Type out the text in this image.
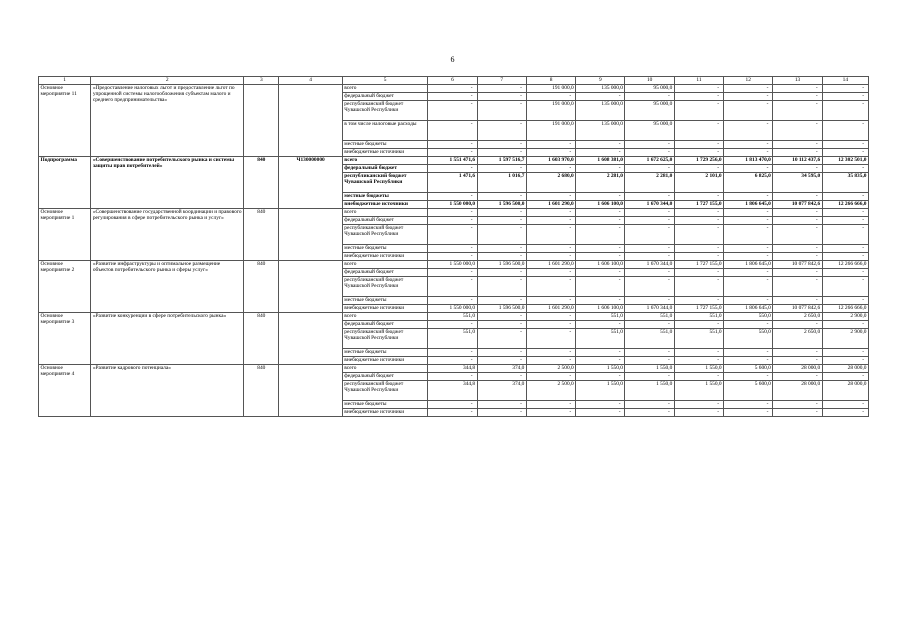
6
1	2	3	4	5	6	7	8	9	10	11	12	13	14
Основное мероприятие 11	«Предоставление налоговых льгот и предоставление льгот по упрощенной системы налогообложения субъектам малого и среднего предпринимательства»			всего	-	-	191 000,0	135 000,0	95 000,0	-	-	-	-
				федеральный бюджет	-	-	-	-	-	-	-	-	-
				республиканский бюджет Чувашской Республики	-	-	191 000,0	135 000,0	95 000,0	-	-	-	-
				в том числе налоговые расходы	-	-	191 000,0	135 000,0	95 000,0	-	-	-	-
				местные бюджеты	-	-	-	-	-	-	-	-	-
				внебюджетные источники	-	-	-	-	-	-	-	-	-
Подпрограмма	«Совершенствование потребительского рынка и системы защиты прав потребителей»	840	Ч130000000	всего	1 551 471,6	1 597 516,7	1 603 970,0	1 608 381,0	1 672 625,0	1 729 256,0	1 813 470,0	10 112 437,6	12 302 501,0
				федеральный бюджет	-	-	-	-	-	-	-	-	-
				республиканский бюджет Чувашской Республики	1 471,6	1 016,7	2 680,0	2 281,0	2 281,0	2 101,0	6 825,0	34 595,0	35 835,0
				местные бюджеты	-	-	-	-	-	-	-	-	-
				внебюджетные источники	1 550 000,0	1 596 500,0	1 601 290,0	1 606 100,0	1 670 344,0	1 727 155,0	1 806 645,0	10 077 842,6	12 266 666,0
Основное мероприятие 1	«Совершенствование государственной координации и правового регулирования в сфере потребительского рынка и услуг»	840		всего	-	-	-	-	-	-	-	-	-
				федеральный бюджет	-	-	-	-	-	-	-	-	-
				республиканский бюджет Чувашской Республики	-	-	-	-	-	-	-	-	-
				местные бюджеты	-	-	-	-	-	-	-	-	-
				внебюджетные источники	-	-	-	-	-	-	-	-	-
Основное мероприятие 2	«Развитие инфраструктуры и оптимальное размещение объектов потребительского рынка и сферы услуг»	840		всего	1 550 000,0	1 596 500,0	1 601 290,0	1 606 100,0	1 670 344,0	1 727 155,0	1 806 645,0	10 077 842,6	12 266 666,0
				федеральный бюджет	-	-	-	-	-	-	-	-	-
				республиканский бюджет Чувашской Республики	-	-	-	-	-	-	-	-	-
				местные бюджеты	-	-	-	-	-	-	-	-	-
				внебюджетные источники	1 550 000,0	1 596 500,0	1 601 290,0	1 606 100,0	1 670 344,0	1 727 155,0	1 806 645,0	10 077 842,6	12 266 666,0
Основное мероприятие 3	«Развитие конкуренции в сфере потребительского рынка»	840		всего	551,0	-	-	551,0	551,0	551,0	550,0	2 650,0	2 900,0
				федеральный бюджет	-	-	-	-	-	-	-	-	-
				республиканский бюджет Чувашской Республики	551,0	-	-	551,0	551,0	551,0	550,0	2 650,0	2 900,0
				местные бюджеты	-	-	-	-	-	-	-	-	-
				внебюджетные источники	-	-	-	-	-	-	-	-	-
Основное мероприятие 4	«Развитие кадрового потенциала»	840		всего	344,8	374,0	2 500,0	1 550,0	1 550,0	1 550,0	5 600,0	28 000,0	28 000,0
				федеральный бюджет	-	-	-	-	-	-	-	-	-
				республиканский бюджет Чувашской Республики	344,8	374,0	2 500,0	1 550,0	1 550,0	1 550,0	5 600,0	28 000,0	28 000,0
				местные бюджеты	-	-	-	-	-	-	-	-	-
				внебюджетные источники	-	-	-	-	-	-	-	-	-
